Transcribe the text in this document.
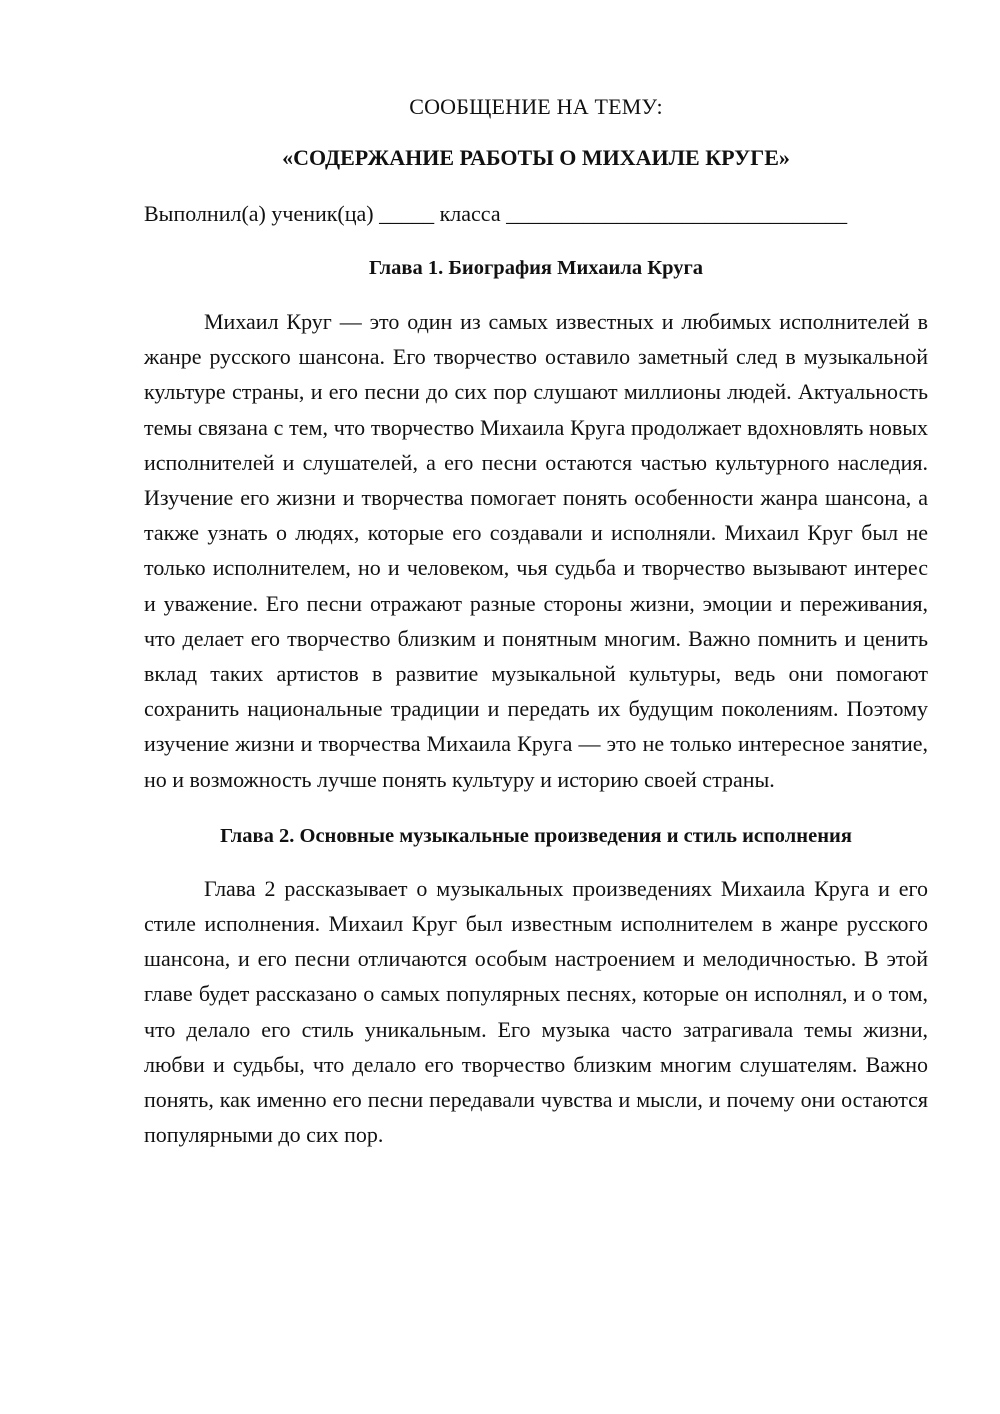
СООБЩЕНИЕ НА ТЕМУ:

«СОДЕРЖАНИЕ РАБОТЫ О МИХАИЛЕ КРУГЕ»

Выполнил(а) ученик(ца) _____ класса _______________________________
Глава 1. Биография Михаила Круга

Михаил Круг — это один из самых известных и любимых исполнителей в жанре русского шансона. Его творчество оставило заметный след в музыкальной культуре страны, и его песни до сих пор слушают миллионы людей. Актуальность темы связана с тем, что творчество Михаила Круга продолжает вдохновлять новых исполнителей и слушателей, а его песни остаются частью культурного наследия. Изучение его жизни и творчества помогает понять особенности жанра шансона, а также узнать о людях, которые его создавали и исполняли. Михаил Круг был не только исполнителем, но и человеком, чья судьба и творчество вызывают интерес и уважение. Его песни отражают разные стороны жизни, эмоции и переживания, что делает его творчество близким и понятным многим. Важно помнить и ценить вклад таких артистов в развитие музыкальной культуры, ведь они помогают сохранить национальные традиции и передать их будущим поколениям. Поэтому изучение жизни и творчества Михаила Круга — это не только интересное занятие, но и возможность лучше понять культуру и историю своей страны.

Глава 2. Основные музыкальные произведения и стиль исполнения

Глава 2 рассказывает о музыкальных произведениях Михаила Круга и его стиле исполнения. Михаил Круг был известным исполнителем в жанре русского шансона, и его песни отличаются особым настроением и мелодичностью. В этой главе будет рассказано о самых популярных песнях, которые он исполнял, и о том, что делало его стиль уникальным. Его музыка часто затрагивала темы жизни, любви и судьбы, что делало его творчество близким многим слушателям. Важно понять, как именно его песни передавали чувства и мысли, и почему они остаются популярными до сих пор.
